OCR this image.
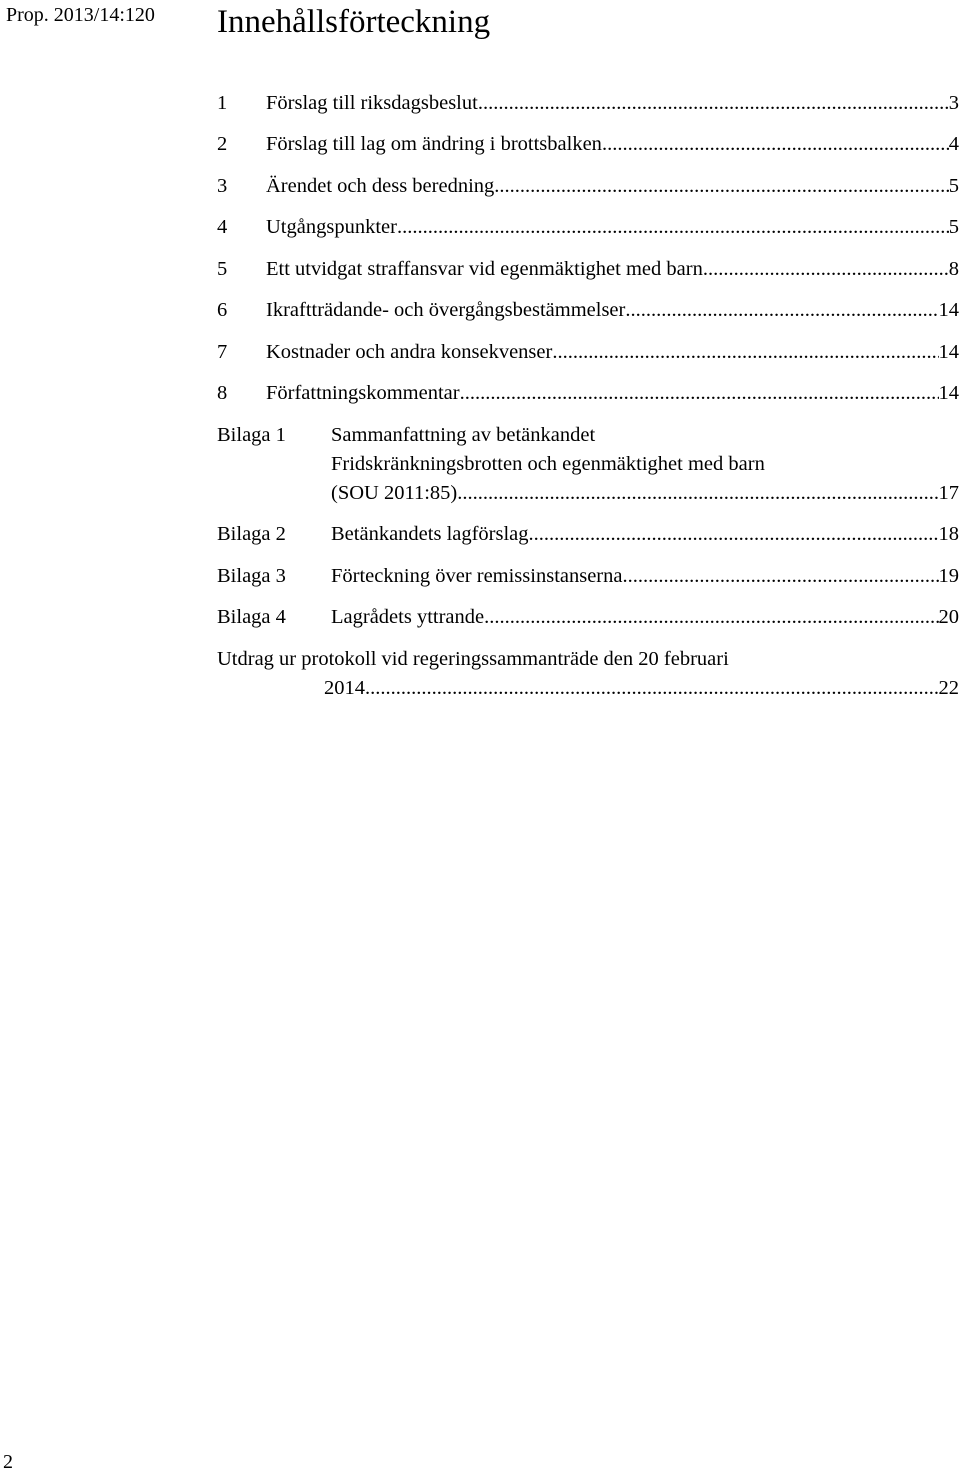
Prop. 2013/14:120 Innehållsförteckning
1	Förslag till riksdagsbeslut .....	3
2	Förslag till lag om ändring i brottsbalken .....	4
3	Ärendet och dess beredning .....	5
4	Utgångspunkter .....	5
5	Ett utvidgat straffansvar vid egenmäktighet med barn .....	8
6	Ikraftträdande- och övergångsbestämmelser .....	14
7	Kostnader och andra konsekvenser .....	14
8	Författningskommentar .....	14
Bilaga 1	Sammanfattning av betänkandet
Fridskränkningsbrotten och egenmäktighet med barn
(SOU 2011:85) .....	17
Bilaga 2	Betänkandets lagförslag .....	18
Bilaga 3	Förteckning över remissinstanserna .....	19
Bilaga 4	Lagrådets yttrande .....	20
Utdrag ur protokoll vid regeringssammanträde den 20 februari
2014 .....	22
2
